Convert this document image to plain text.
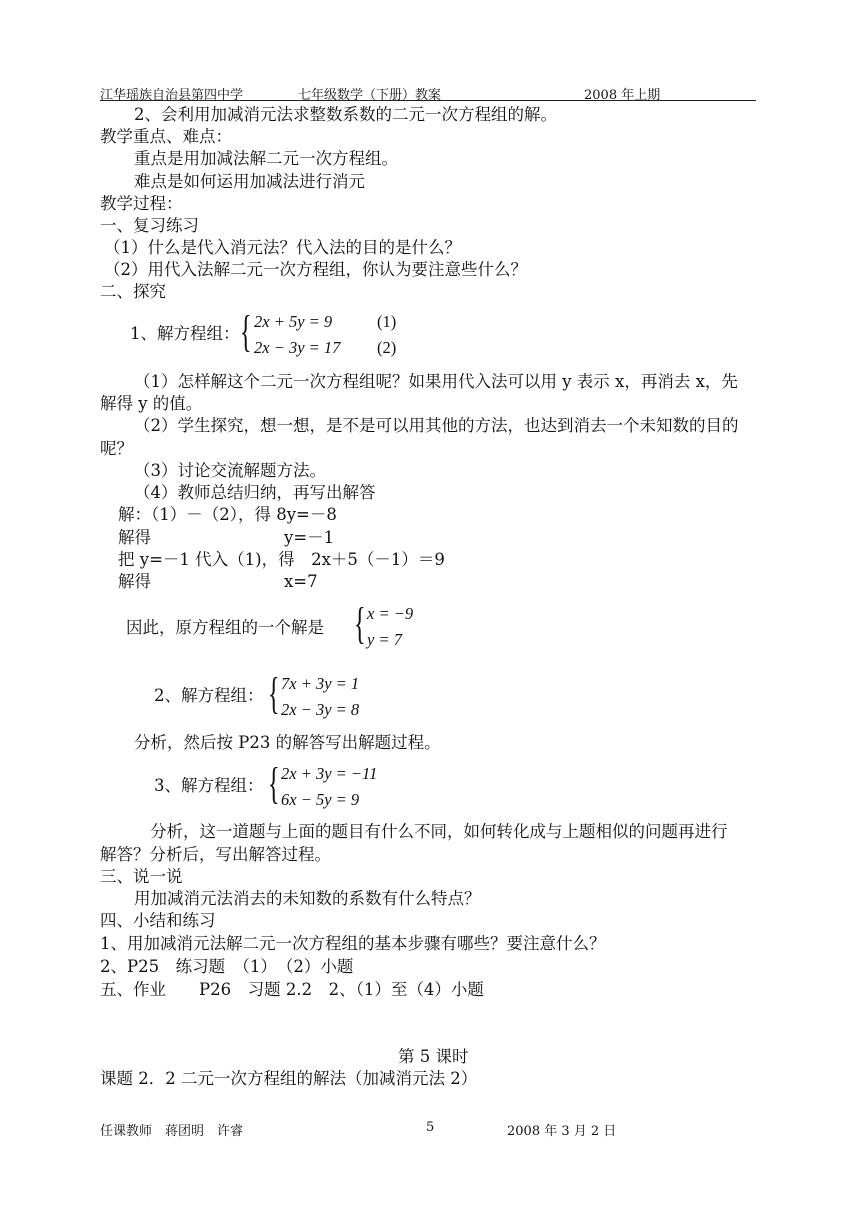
江华瑶族自治县第四中学	七年级数学（下册）教案	2008 年上期
2、会利用加减消元法求整数系数的二元一次方程组的解。
教学重点、难点：
重点是用加减法解二元一次方程组。
难点是如何运用加减法进行消元
教学过程：
一、复习练习
（1）什么是代入消元法？代入法的目的是什么？
（2）用代入法解二元一次方程组，你认为要注意些什么？
二、探究
1、解方程组： { 2x + 5y = 9	(1)
2x − 3y = 17 (2)
（1）怎样解这个二元一次方程组呢？如果用代入法可以用 y 表示 x，再消去 x，先
解得 y 的值。
（2）学生探究，想一想，是不是可以用其他的方法，也达到消去一个未知数的目的
呢？
（3）讨论交流解题方法。
（4）教师总结归纳，再写出解答
解：（1）－（2），得 8y=－8
解得	y=－1
把 y=－1 代入（1)，得　2x＋5（－1）＝9
解得	x=7
因此，原方程组的一个解是 { x = −9
y = 7
2、解方程组： { 7x + 3y = 1
2x − 3y = 8
分析，然后按 P23 的解答写出解题过程。
3、解方程组： { 2x + 3y = −11
6x − 5y = 9
分析，这一道题与上面的题目有什么不同，如何转化成与上题相似的问题再进行
解答？分析后，写出解答过程。
三、说一说
用加减消元法消去的未知数的系数有什么特点？
四、小结和练习
1、用加减消元法解二元一次方程组的基本步骤有哪些？要注意什么？
2、P25　练习题　（1）　（2）小题
五、作业　　P26　习题 2.2　2、（1）至（4）小题
第 5 课时
课题 2．2 二元一次方程组的解法（加减消元法 2）
任课教师　蒋团明　许睿	5	2008 年 3 月 2 日
